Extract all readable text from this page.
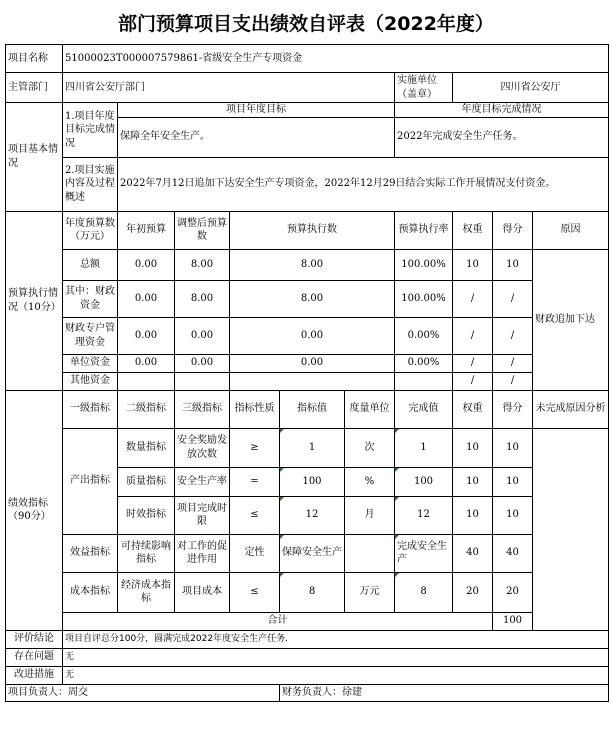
部门预算项目支出绩效自评表（2022年度）
项目名称	51000023T000007579861-省级安全生产专项资金									
主管部门	四川省公安厅部门						实施单位（盖章）	四川省公安厅		
项目基本情况	1.项目年度目标完成情况	项目年度目标					年度目标完成情况			
		保障全年安全生产。					2022年完成安全生产任务。			
	2.项目实施内容及过程概述	2022年7月12日追加下达安全生产专项资金，2022年12月29日结合实际工作开展情况支付资金。								
预算执行情况（10分）	年度预算数（万元）	年初预算	调整后预算数	预算执行数			预算执行率	权重	得分	原因
	总额	0.00	8.00	8.00			100.00%	10	10	财政追加下达
	其中：财政资金	0.00	8.00	8.00			100.00%	/	/	
	财政专户管理资金	0.00	0.00	0.00			0.00%	/	/	
	单位资金	0.00	0.00	0.00			0.00%	/	/	
	其他资金							/	/	
绩效指标（90分）	一级指标	二级指标	三级指标	指标性质	指标值	度量单位	完成值	权重	得分	未完成原因分析
	产出指标	数量指标	安全奖励发放次数	≥	1	次	1	10	10	
		质量指标	安全生产率	=	100	%	100	10	10	
		时效指标	项目完成时限	≤	12	月	12	10	10	
	效益指标	可持续影响指标	对工作的促进作用	定性	保障安全生产		完成安全生产	40	40	
	成本指标	经济成本指标	项目成本	≤	8	万元	8	20	20	
	合计								100	
评价结论	项目自评总分100分，圆满完成2022年度安全生产任务.									
存在问题	无									
改进措施	无									
项目负责人：周交					财务负责人：徐建					
